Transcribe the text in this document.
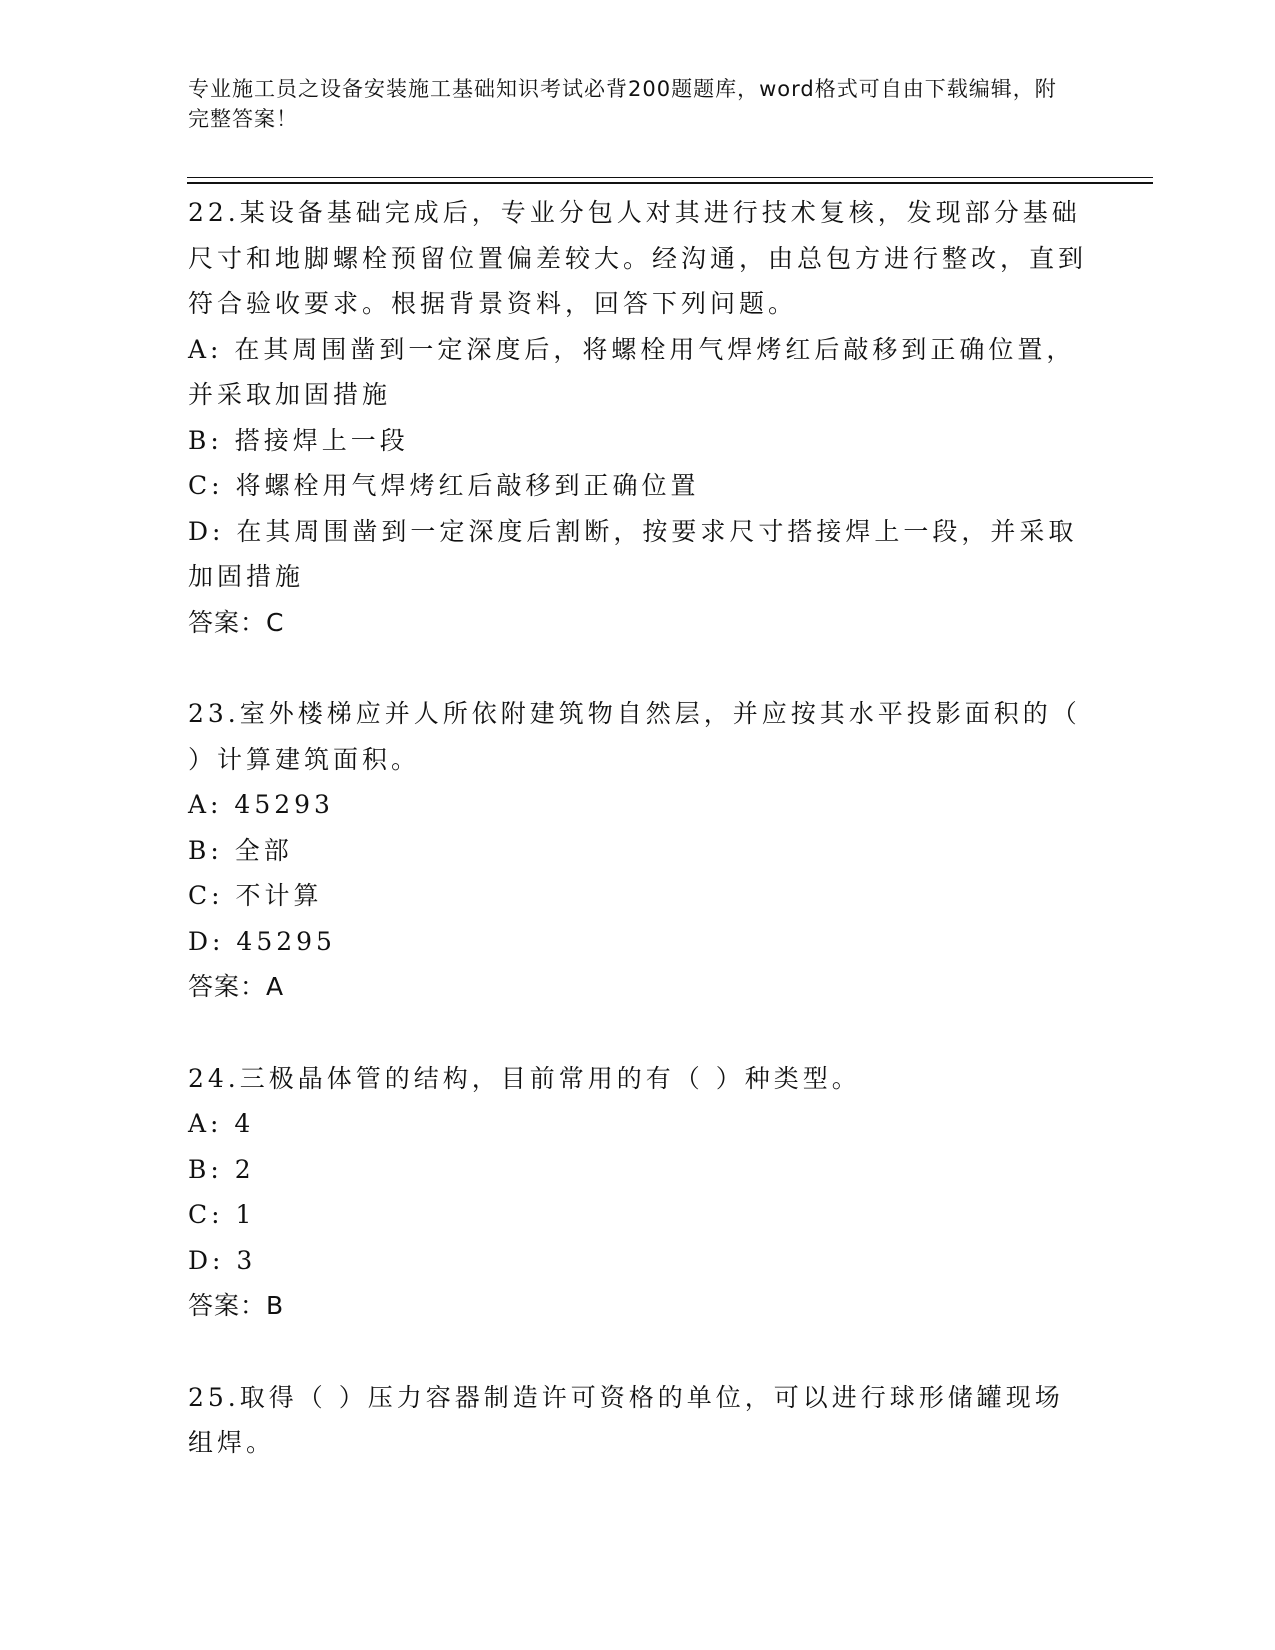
专业施工员之设备安装施工基础知识考试必背200题题库，word格式可自由下载编辑，附完整答案！
22.某设备基础完成后，专业分包人对其进行技术复核，发现部分基础尺寸和地脚螺栓预留位置偏差较大。经沟通，由总包方进行整改，直到符合验收要求。根据背景资料，回答下列问题。
A: 在其周围凿到一定深度后，将螺栓用气焊烤红后敲移到正确位置，并采取加固措施
B: 搭接焊上一段
C: 将螺栓用气焊烤红后敲移到正确位置
D: 在其周围凿到一定深度后割断，按要求尺寸搭接焊上一段，并采取加固措施
答案：C
23.室外楼梯应并人所依附建筑物自然层，并应按其水平投影面积的（ ）计算建筑面积。
A: 45293
B: 全部
C: 不计算
D: 45295
答案：A
24.三极晶体管的结构，目前常用的有（ ）种类型。
A: 4
B: 2
C: 1
D: 3
答案：B
25.取得（ ）压力容器制造许可资格的单位，可以进行球形储罐现场组焊。
